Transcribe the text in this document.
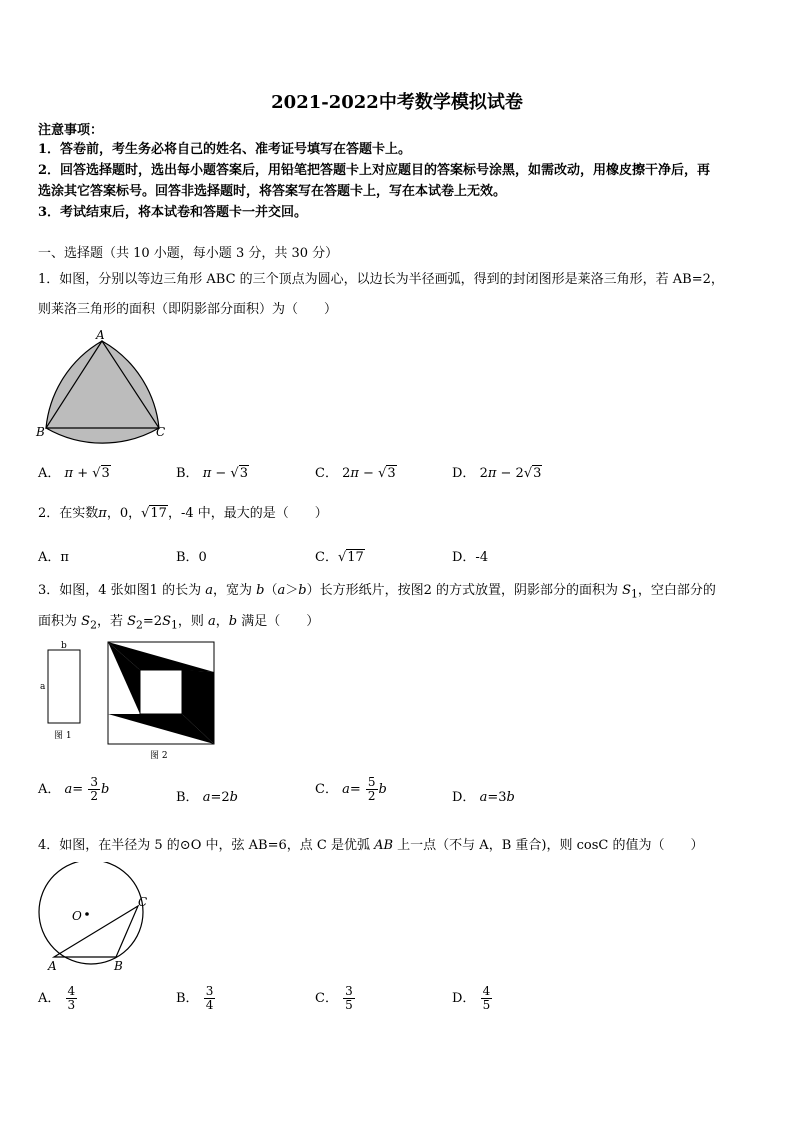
2021-2022中考数学模拟试卷
注意事项：
1．答卷前，考生务必将自己的姓名、准考证号填写在答题卡上。
2．回答选择题时，选出每小题答案后，用铅笔把答题卡上对应题目的答案标号涂黑，如需改动，用橡皮擦干净后，再
选涂其它答案标号。回答非选择题时，将答案写在答题卡上，写在本试卷上无效。
3．考试结束后，将本试卷和答题卡一并交回。
一、选择题（共 10 小题，每小题 3 分，共 30 分）
1．如图，分别以等边三角形 ABC 的三个顶点为圆心，以边长为半径画弧，得到的封闭图形是莱洛三角形，若 AB=2，
则莱洛三角形的面积（即阴影部分面积）为（　　）
A
B	C
A． π + √3	B． π − √3	C． 2π − √3	D． 2π − 2√3
2．在实数π，0，√17，-4 中，最大的是（　　）
A．π	B．0	C．√17	D．-4
3．如图，4 张如图1 的长为 a，宽为 b（a＞b）长方形纸片，按图2 的方式放置，阴影部分的面积为 $S_1$，空白部分的
面积为 $S_2$，若 $S_2=2S_1$，则 a，b 满足（　　）
b
a
图 1
图 2
A． $a= \frac{3}{2}$ b
B． a=2b
C． $a= \frac{5}{2}$ b
D． a=3b
4．如图，在半径为 5 的⊙O 中，弦 AB=6，点 C 是优弧 AB 上一点（不与 A，B 重合)，则 cosC 的值为（　　）
O
A	B
C
A． $\frac{4}{3}$	B． $\frac{3}{4}$	C． $\frac{3}{5}$	D． $\frac{4}{5}$
